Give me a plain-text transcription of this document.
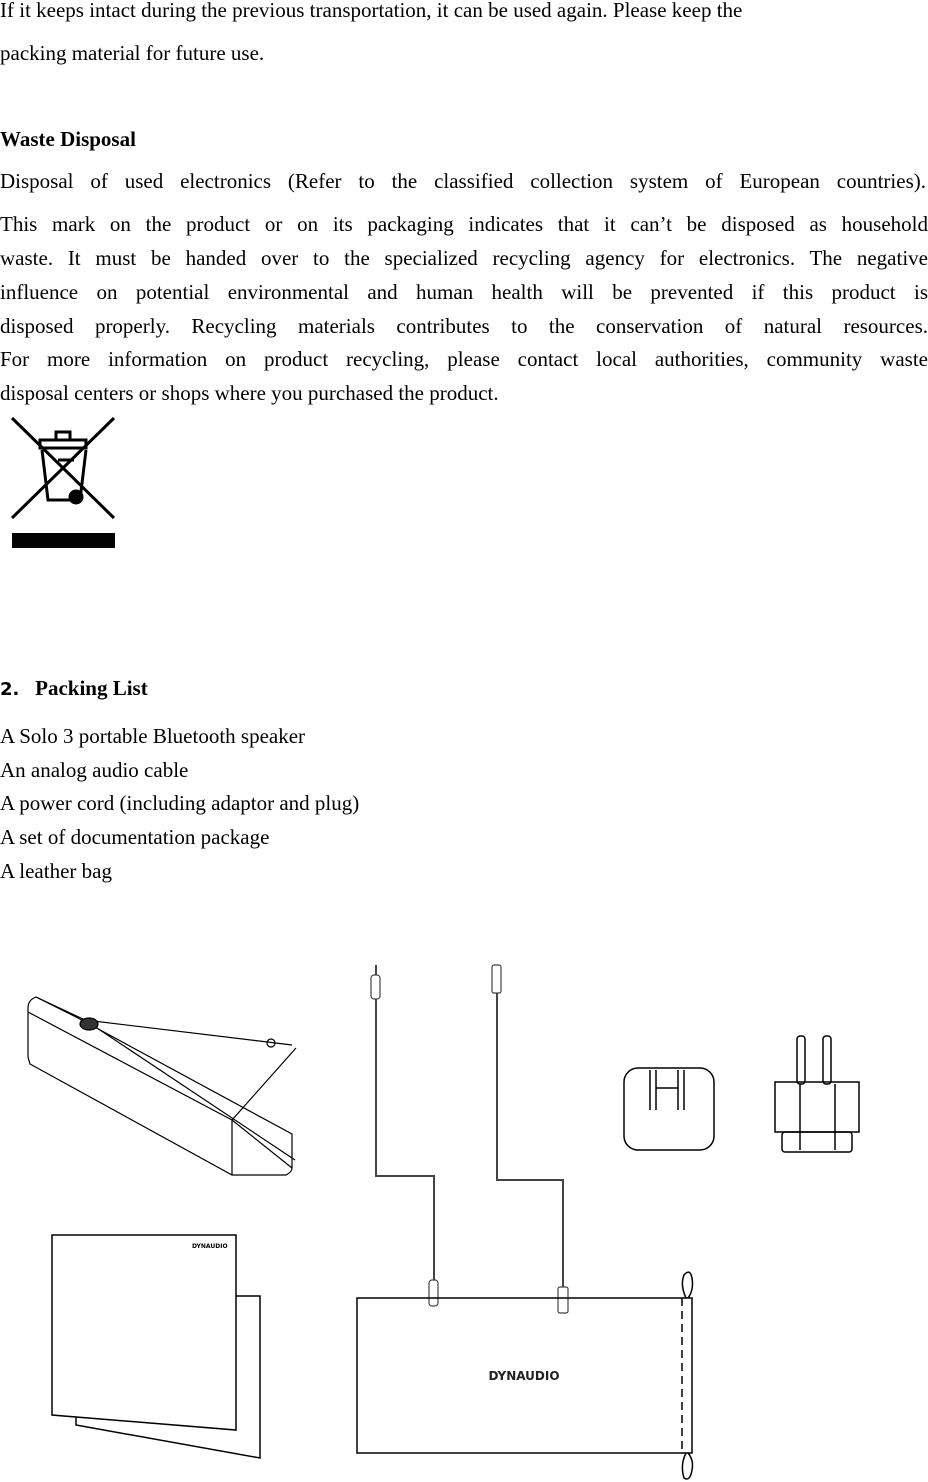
If it keeps intact during the previous transportation, it can be used again. Please keep the
packing material for future use.
Waste Disposal
Disposal of used electronics (Refer to the classified collection system of European countries).
This mark on the product or on its packaging indicates that it can’t be disposed as household
waste. It must be handed over to the specialized recycling agency for electronics. The negative
influence on potential environmental and human health will be prevented if this product is
disposed properly. Recycling materials contributes to the conservation of natural resources.
For more information on product recycling, please contact local authorities, community waste
disposal centers or shops where you purchased the product.
DYNAUDIO
DYNAUDIO
2. Packing List
A Solo 3 portable Bluetooth speaker
An analog audio cable
A power cord (including adaptor and plug)
A set of documentation package
A leather bag
